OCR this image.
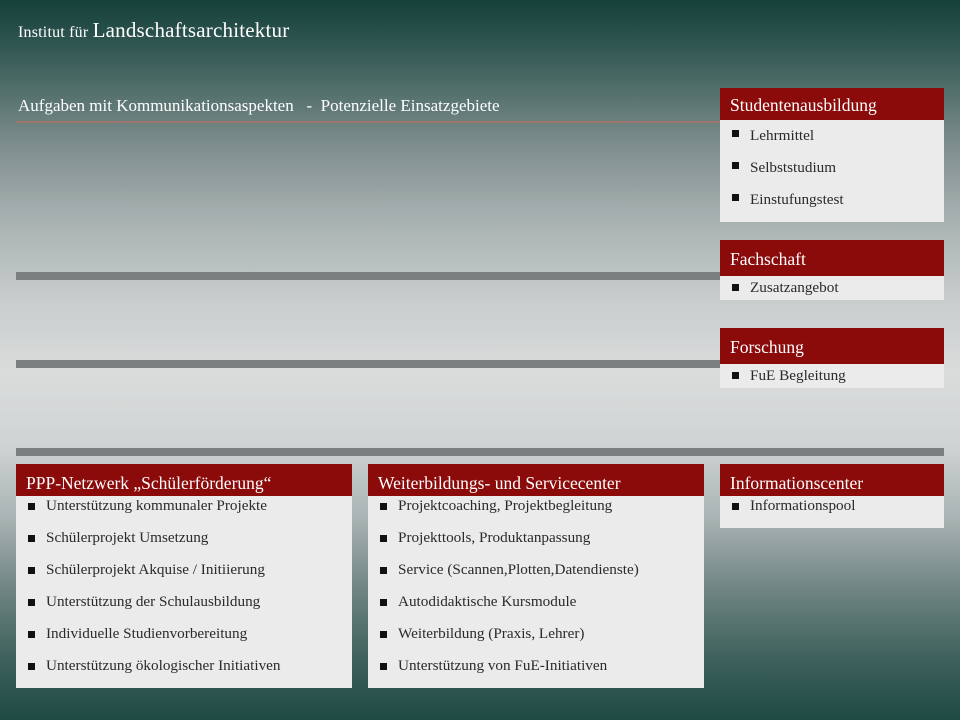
Institut für Landschaftsarchitektur
Aufgaben mit Kommunikationsaspekten   -  Potenzielle Einsatzgebiete	Studentenausbildung
Lehrmittel
Selbststudium
Einstufungstest
Fachschaft
Zusatzangebot
Forschung
FuE Begleitung
PPP-Netzwerk „Schülerförderung“
Unterstützung kommunaler Projekte
Schülerprojekt Umsetzung
Schülerprojekt Akquise / Initiierung
Unterstützung der Schulausbildung
Individuelle Studienvorbereitung
Unterstützung ökologischer Initiativen
Weiterbildungs- und Servicecenter
Projektcoaching, Projektbegleitung
Projekttools, Produktanpassung
Service (Scannen,Plotten,Datendienste)
Autodidaktische Kursmodule
Weiterbildung (Praxis, Lehrer)
Unterstützung von FuE-Initiativen
Informationscenter
Informationspool
